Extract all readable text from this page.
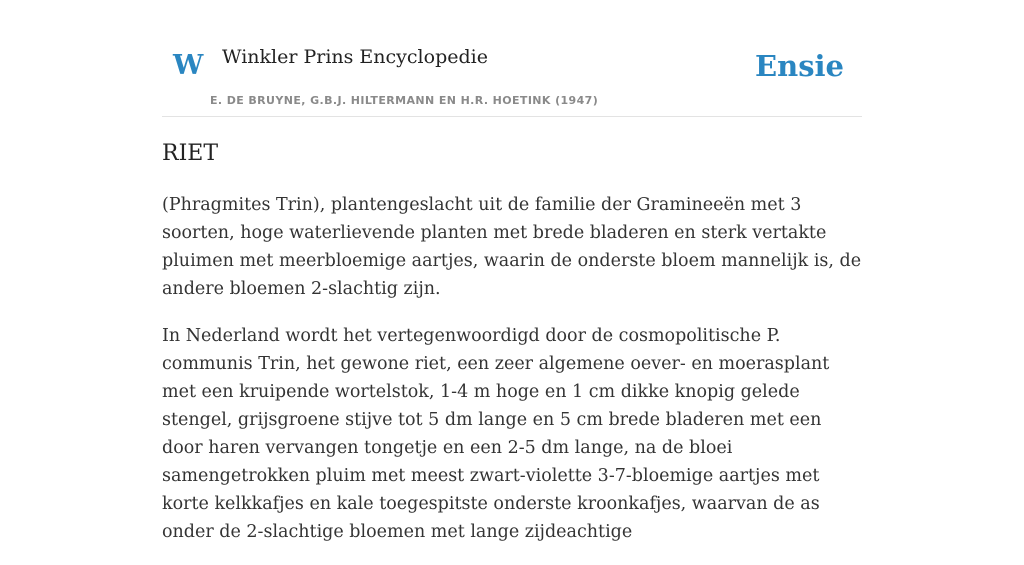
W Winkler Prins Encyclopedie
E. DE BRUYNE, G.B.J. HILTERMANN EN H.R. HOETINK (1947)
Ensie
RIET

(Phragmites Trin), plantengeslacht uit de familie der Gramineeën met 3 soorten, hoge waterlievende planten met brede bladeren en sterk vertakte pluimen met meerbloemige aartjes, waarin de onderste bloem mannelijk is, de andere bloemen 2-slachtig zijn.

In Nederland wordt het vertegenwoordigd door de cosmopolitische P. communis Trin, het gewone riet, een zeer algemene oever- en moerasplant met een kruipende wortelstok, 1-4 m hoge en 1 cm dikke knopig gelede stengel, grijsgroene stijve tot 5 dm lange en 5 cm brede bladeren met een door haren vervangen tongetje en een 2-5 dm lange, na de bloei samengetrokken pluim met meest zwart-violette 3-7-bloemige aartjes met korte kelkkafjes en kale toegespitste onderste kroonkafjes, waarvan de as onder de 2-slachtige bloemen met lange zijdeachtige
